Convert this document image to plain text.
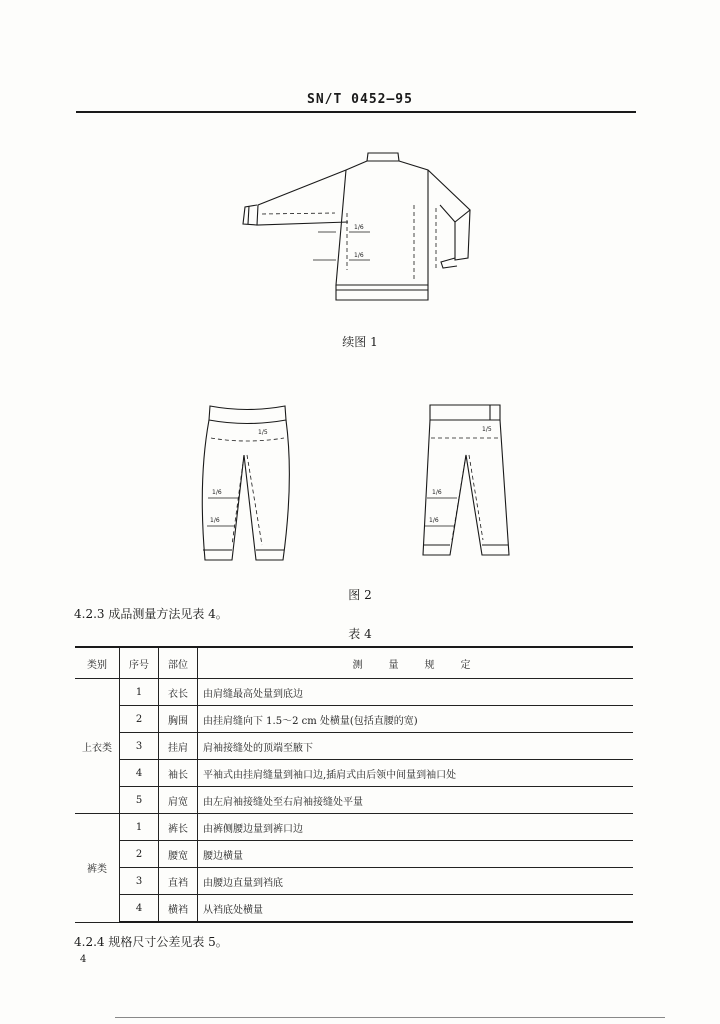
SN/T 0452—95
1/6
1/6
续图 1
1/5
1/6
1/6
1/5
1/6
1/6
图 2
4.2.3 成品测量方法见表 4。
表 4
类别	序号	部位	测　量　规　定
上衣类	1	衣长	由肩缝最高处量到底边
	2	胸围	由挂肩缝向下 1.5～2 cm 处横量(包括直腰的宽)
	3	挂肩	肩袖接缝处的顶端至腋下
	4	袖长	平袖式由挂肩缝量到袖口边,插肩式由后领中间量到袖口处
	5	肩宽	由左肩袖接缝处至右肩袖接缝处平量
裤类	1	裤长	由裤侧腰边量到裤口边
	2	腰宽	腰边横量
	3	直裆	由腰边直量到裆底
	4	横裆	从裆底处横量
4.2.4 规格尺寸公差见表 5。
4
